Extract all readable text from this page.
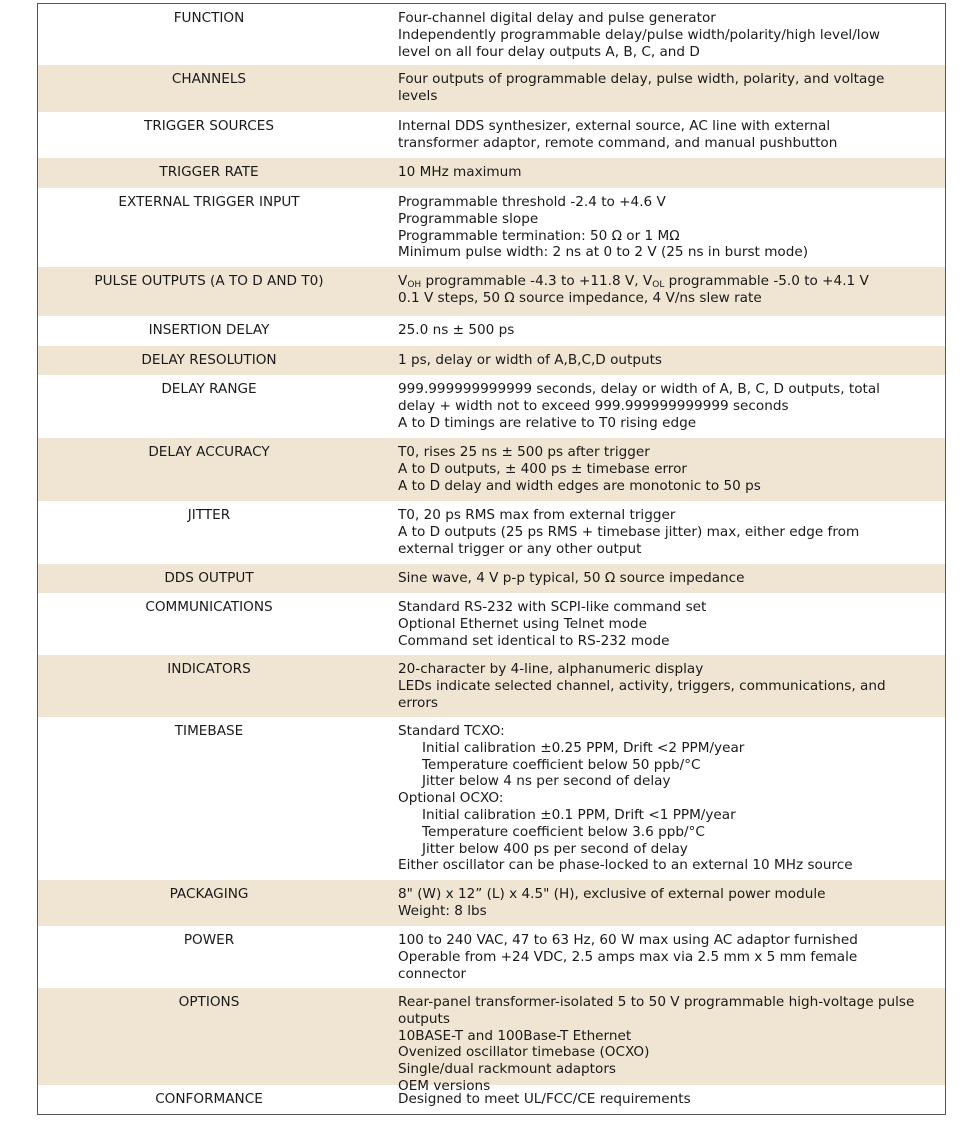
FUNCTION	Four-channel digital delay and pulse generator
Independently programmable delay/pulse width/polarity/high level/low
level on all four delay outputs A, B, C, and D
CHANNELS	Four outputs of programmable delay, pulse width, polarity, and voltage
levels
TRIGGER SOURCES	Internal DDS synthesizer, external source, AC line with external
transformer adaptor, remote command, and manual pushbutton
TRIGGER RATE	10 MHz maximum
EXTERNAL TRIGGER INPUT	Programmable threshold -2.4 to +4.6 V
Programmable slope
Programmable termination: 50 Ω or 1 MΩ
Minimum pulse width: 2 ns at 0 to 2 V (25 ns in burst mode)
PULSE OUTPUTS (A TO D AND T0)	$V_{OH}$ programmable -4.3 to +11.8 V, $V_{OL}$ programmable -5.0 to +4.1 V
0.1 V steps, 50 Ω source impedance, 4 V/ns slew rate
INSERTION DELAY	25.0 ns ± 500 ps
DELAY RESOLUTION	1 ps, delay or width of A,B,C,D outputs
DELAY RANGE	999.999999999999 seconds, delay or width of A, B, C, D outputs, total
delay + width not to exceed 999.999999999999 seconds
A to D timings are relative to T0 rising edge
DELAY ACCURACY	T0, rises 25 ns ± 500 ps after trigger
A to D outputs, ± 400 ps ± timebase error
A to D delay and width edges are monotonic to 50 ps
JITTER	T0, 20 ps RMS max from external trigger
A to D outputs (25 ps RMS + timebase jitter) max, either edge from
external trigger or any other output
DDS OUTPUT	Sine wave, 4 V p-p typical, 50 Ω source impedance
COMMUNICATIONS	Standard RS-232 with SCPI-like command set
Optional Ethernet using Telnet mode
Command set identical to RS-232 mode
INDICATORS	20-character by 4-line, alphanumeric display
LEDs indicate selected channel, activity, triggers, communications, and
errors
TIMEBASE	Standard TCXO:
Initial calibration ±0.25 PPM, Drift <2 PPM/year
Temperature coefficient below 50 ppb/°C
Jitter below 4 ns per second of delay
Optional OCXO:
Initial calibration ±0.1 PPM, Drift <1 PPM/year
Temperature coefficient below 3.6 ppb/°C
Jitter below 400 ps per second of delay
Either oscillator can be phase-locked to an external 10 MHz source
PACKAGING	8" (W) x 12” (L) x 4.5" (H), exclusive of external power module
Weight: 8 lbs
POWER	100 to 240 VAC, 47 to 63 Hz, 60 W max using AC adaptor furnished
Operable from +24 VDC, 2.5 amps max via 2.5 mm x 5 mm female
connector
OPTIONS	Rear-panel transformer-isolated 5 to 50 V programmable high-voltage pulse
outputs
10BASE-T and 100Base-T Ethernet
Ovenized oscillator timebase (OCXO)
Single/dual rackmount adaptors
OEM versions
CONFORMANCE	Designed to meet UL/FCC/CE requirements
